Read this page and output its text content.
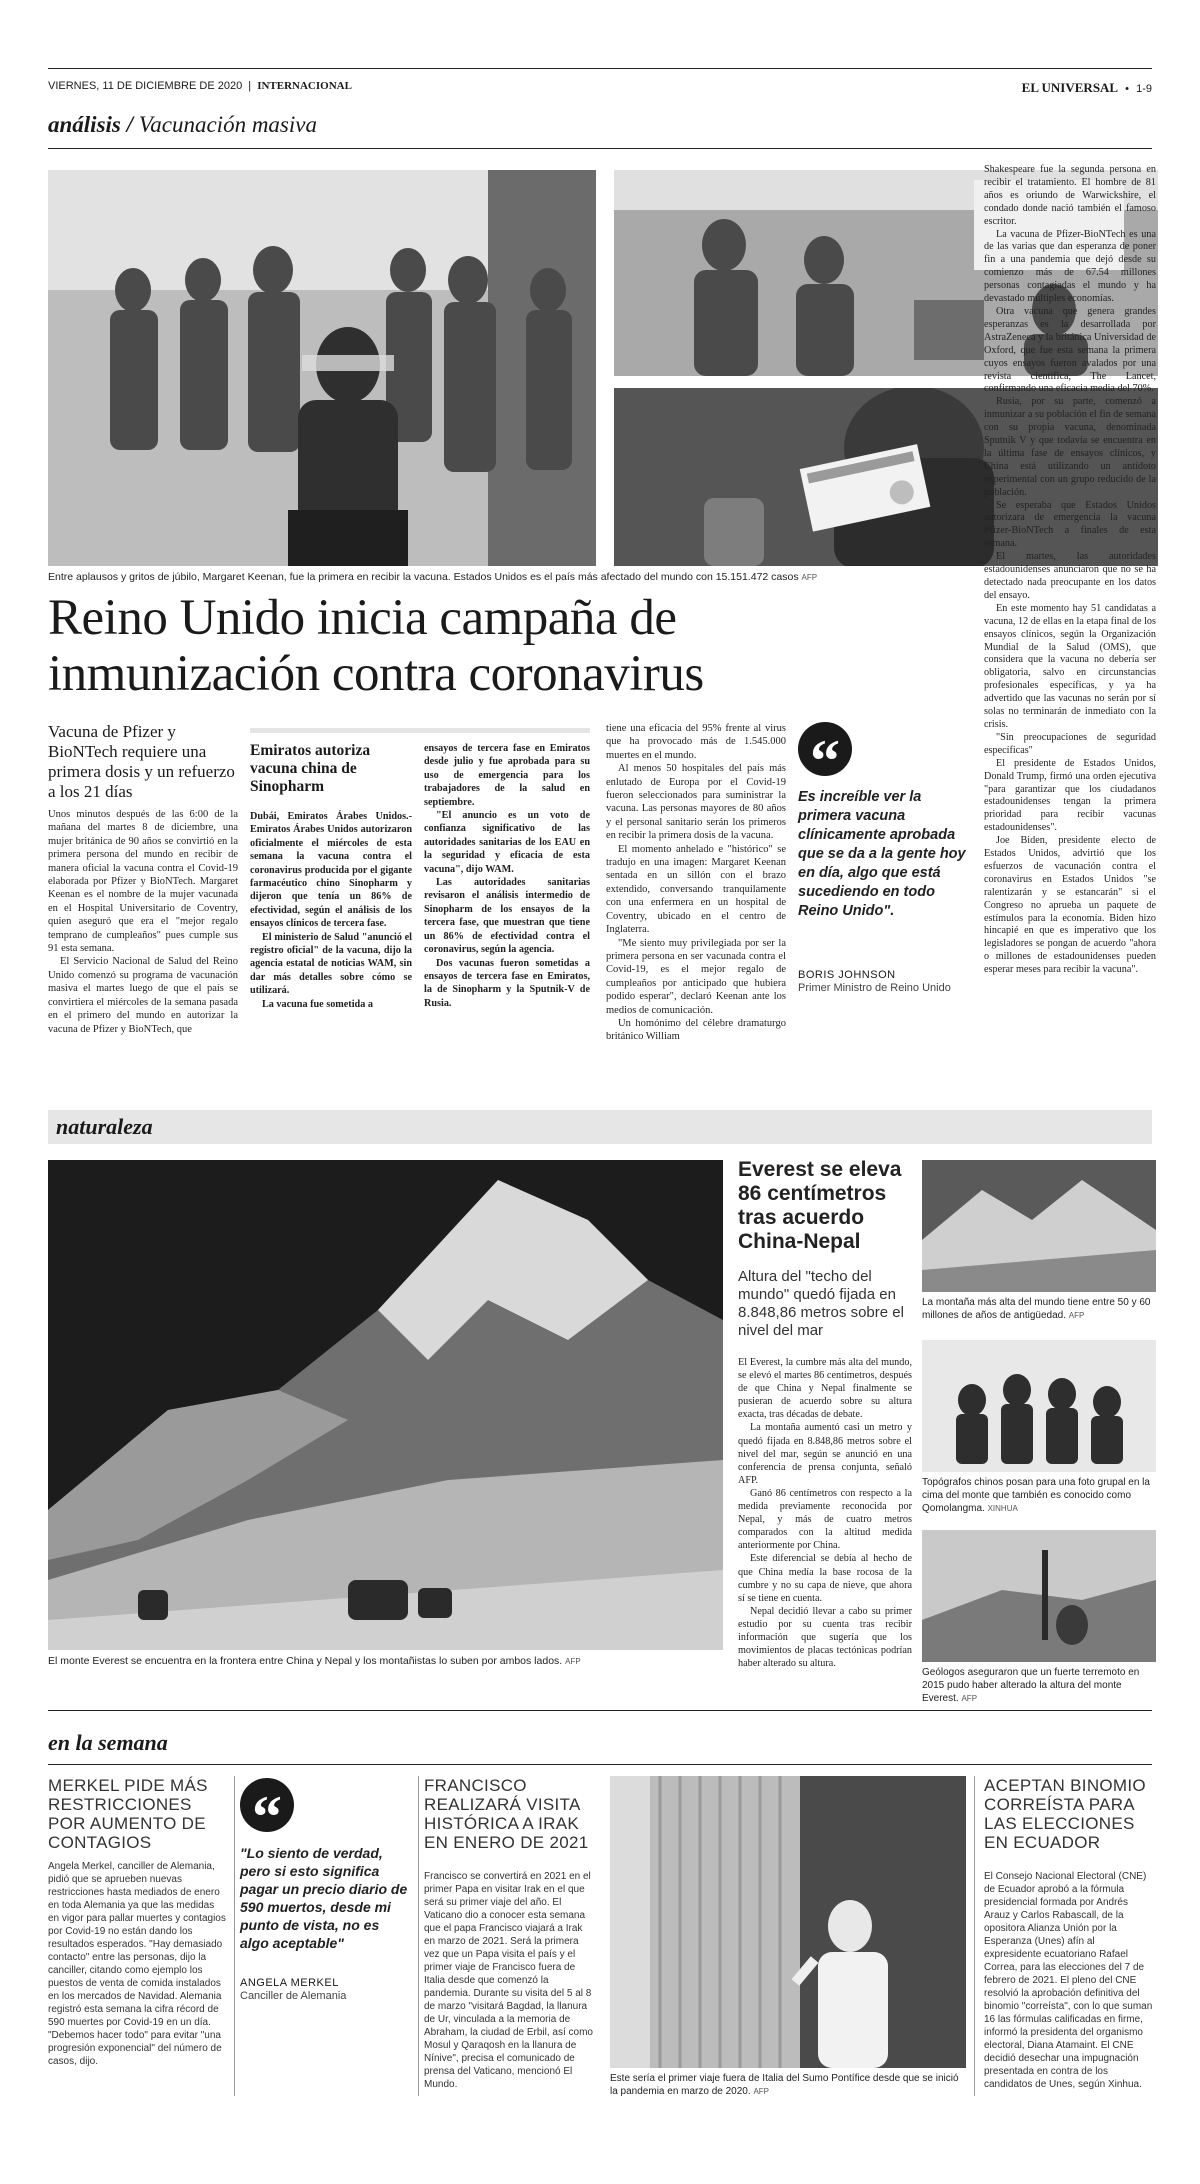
VIERNES, 11 DE DICIEMBRE DE 2020 | INTERNACIONAL	EL UNIVERSAL • 1-9
análisis / Vacunación masiva
Entre aplausos y gritos de júbilo, Margaret Keenan, fue la primera en recibir la vacuna. Estados Unidos es el país más afectado del mundo con 15.151.472 casos AFP
Reino Unido inicia campaña de inmunización contra coronavirus
Vacuna de Pfizer y BioNTech requiere una primera dosis y un refuerzo a los 21 días

Unos minutos después de las 6:00 de la mañana del martes 8 de diciembre, una mujer británica de 90 años se convirtió en la primera persona del mundo en recibir de manera oficial la vacuna contra el Covid-19 elaborada por Pfizer y BioNTech. Margaret Keenan es el nombre de la mujer vacunada en el Hospital Universitario de Coventry, quien aseguró que era el "mejor regalo temprano de cumpleaños" pues cumple sus 91 esta semana.

El Servicio Nacional de Salud del Reino Unido comenzó su programa de vacunación masiva el martes luego de que el país se convirtiera el miércoles de la semana pasada en el primero del mundo en autorizar la vacuna de Pfizer y BioNTech, que

Emiratos autoriza vacuna china de Sinopharm

Dubái, Emiratos Árabes Unidos.- Emiratos Árabes Unidos autorizaron oficialmente el miércoles de esta semana la vacuna contra el coronavirus producida por el gigante farmacéutico chino Sinopharm y dijeron que tenía un 86% de efectividad, según el análisis de los ensayos clínicos de tercera fase.

El ministerio de Salud "anunció el registro oficial" de la vacuna, dijo la agencia estatal de noticias WAM, sin dar más detalles sobre cómo se utilizará.

La vacuna fue sometida a

ensayos de tercera fase en Emiratos desde julio y fue aprobada para su uso de emergencia para los trabajadores de la salud en septiembre.

"El anuncio es un voto de confianza significativo de las autoridades sanitarias de los EAU en la seguridad y eficacia de esta vacuna", dijo WAM.

Las autoridades sanitarias revisaron el análisis intermedio de Sinopharm de los ensayos de la tercera fase, que muestran que tiene un 86% de efectividad contra el coronavirus, según la agencia.

Dos vacunas fueron sometidas a ensayos de tercera fase en Emiratos, la de Sinopharm y la Sputnik-V de Rusia.

tiene una eficacia del 95% frente al virus que ha provocado más de 1.545.000 muertes en el mundo.

Al menos 50 hospitales del país más enlutado de Europa por el Covid-19 fueron seleccionados para suministrar la vacuna. Las personas mayores de 80 años y el personal sanitario serán los primeros en recibir la primera dosis de la vacuna.

El momento anhelado e "histórico" se tradujo en una imagen: Margaret Keenan sentada en un sillón con el brazo extendido, conversando tranquilamente con una enfermera en un hospital de Coventry, ubicado en el centro de Inglaterra.

"Me siento muy privilegiada por ser la primera persona en ser vacunada contra el Covid-19, es el mejor regalo de cumpleaños por anticipado que hubiera podido esperar", declaró Keenan ante los medios de comunicación.

Un homónimo del célebre dramaturgo británico William

“
Es increíble ver la primera vacuna clínicamente aprobada que se da a la gente hoy en día, algo que está sucediendo en todo Reino Unido".
BORIS JOHNSON
Primer Ministro de Reino Unido

Shakespeare fue la segunda persona en recibir el tratamiento. El hombre de 81 años es oriundo de Warwickshire, el condado donde nació también el famoso escritor.

La vacuna de Pfizer-BioNTech es una de las varias que dan esperanza de poner fin a una pandemia que dejó desde su comienzo más de 67.54 millones personas contagiadas el mundo y ha devastado múltiples economías.

Otra vacuna que genera grandes esperanzas es la desarrollada por AstraZeneca y la británica Universidad de Oxford, que fue esta semana la primera cuyos ensayos fueron avalados por una revista científica, The Lancet, confirmando una eficacia media del 70%.

Rusia, por su parte, comenzó a inmunizar a su población el fin de semana con su propia vacuna, denominada Sputnik V y que todavía se encuentra en la última fase de ensayos clínicos, y China está utilizando un antídoto experimental con un grupo reducido de la población.

Se esperaba que Estados Unidos autorizara de emergencia la vacuna Pfizer-BioNTech a finales de esta semana.

El martes, las autoridades estadounidenses anunciaron que no se ha detectado nada preocupante en los datos del ensayo.

En este momento hay 51 candidatas a vacuna, 12 de ellas en la etapa final de los ensayos clínicos, según la Organización Mundial de la Salud (OMS), que considera que la vacuna no debería ser obligatoria, salvo en circunstancias profesionales específicas, y ya ha advertido que las vacunas no serán por sí solas no terminarán de inmediato con la crisis.

"Sin preocupaciones de seguridad específicas"

El presidente de Estados Unidos, Donald Trump, firmó una orden ejecutiva "para garantizar que los ciudadanos estadounidenses tengan la primera prioridad para recibir vacunas estadounidenses".

Joe Biden, presidente electo de Estados Unidos, advirtió que los esfuerzos de vacunación contra el coronavirus en Estados Unidos "se ralentizarán y se estancarán" si el Congreso no aprueba un paquete de estímulos para la economía. Biden hizo hincapié en que es imperativo que los legisladores se pongan de acuerdo "ahora o millones de estadounidenses pueden esperar meses para recibir la vacuna".

naturaleza
El monte Everest se encuentra en la frontera entre China y Nepal y los montañistas lo suben por ambos lados. AFP
Everest se eleva 86 centímetros tras acuerdo China-Nepal
Altura del "techo del mundo" quedó fijada en 8.848,86 metros sobre el nivel del mar

El Everest, la cumbre más alta del mundo, se elevó el martes 86 centímetros, después de que China y Nepal finalmente se pusieran de acuerdo sobre su altura exacta, tras décadas de debate.

La montaña aumentó casi un metro y quedó fijada en 8.848,86 metros sobre el nivel del mar, según se anunció en una conferencia de prensa conjunta, señaló AFP.

Ganó 86 centímetros con respecto a la medida previamente reconocida por Nepal, y más de cuatro metros comparados con la altitud medida anteriormente por China.

Este diferencial se debía al hecho de que China medía la base rocosa de la cumbre y no su capa de nieve, que ahora sí se tiene en cuenta.

Nepal decidió llevar a cabo su primer estudio por su cuenta tras recibir información que sugería que los movimientos de placas tectónicas podrían haber alterado su altura.

La montaña más alta del mundo tiene entre 50 y 60 millones de años de antigüedad. AFP
Topógrafos chinos posan para una foto grupal en la cima del monte que también es conocido como Qomolangma. XINHUA
Geólogos aseguraron que un fuerte terremoto en 2015 pudo haber alterado la altura del monte Everest. AFP
en la semana
MERKEL PIDE MÁS RESTRICCIONES POR AUMENTO DE CONTAGIOS
Angela Merkel, canciller de Alemania, pidió que se aprueben nuevas restricciones hasta mediados de enero en toda Alemania ya que las medidas en vigor para pallar muertes y contagios por Covid-19 no están dando los resultados esperados. "Hay demasiado contacto" entre las personas, dijo la canciller, citando como ejemplo los puestos de venta de comida instalados en los mercados de Navidad. Alemania registró esta semana la cifra récord de 590 muertes por Covid-19 en un día. "Debemos hacer todo" para evitar "una progresión exponencial" del número de casos, dijo.
“
"Lo siento de verdad, pero si esto significa pagar un precio diario de 590 muertos, desde mi punto de vista, no es algo aceptable"
ANGELA MERKEL
Canciller de Alemania
FRANCISCO REALIZARÁ VISITA HISTÓRICA A IRAK EN ENERO DE 2021
Francisco se convertirá en 2021 en el primer Papa en visitar Irak en el que será su primer viaje del año. El Vaticano dio a conocer esta semana que el papa Francisco viajará a Irak en marzo de 2021. Será la primera vez que un Papa visita el país y el primer viaje de Francisco fuera de Italia desde que comenzó la pandemia. Durante su visita del 5 al 8 de marzo "visitará Bagdad, la llanura de Ur, vinculada a la memoria de Abraham, la ciudad de Erbil, así como Mosul y Qaraqosh en la llanura de Nínive", precisa el comunicado de prensa del Vaticano, mencionó El Mundo.
Este sería el primer viaje fuera de Italia del Sumo Pontífice desde que se inició la pandemia en marzo de 2020. AFP
ACEPTAN BINOMIO CORREÍSTA PARA LAS ELECCIONES EN ECUADOR
El Consejo Nacional Electoral (CNE) de Ecuador aprobó a la fórmula presidencial formada por Andrés Arauz y Carlos Rabascall, de la opositora Alianza Unión por la Esperanza (Unes) afín al expresidente ecuatoriano Rafael Correa, para las elecciones del 7 de febrero de 2021. El pleno del CNE resolvió la aprobación definitiva del binomio "correísta", con lo que suman 16 las fórmulas calificadas en firme, informó la presidenta del organismo electoral, Diana Atamaint. El CNE decidió desechar una impugnación presentada en contra de los candidatos de Unes, según Xinhua.
